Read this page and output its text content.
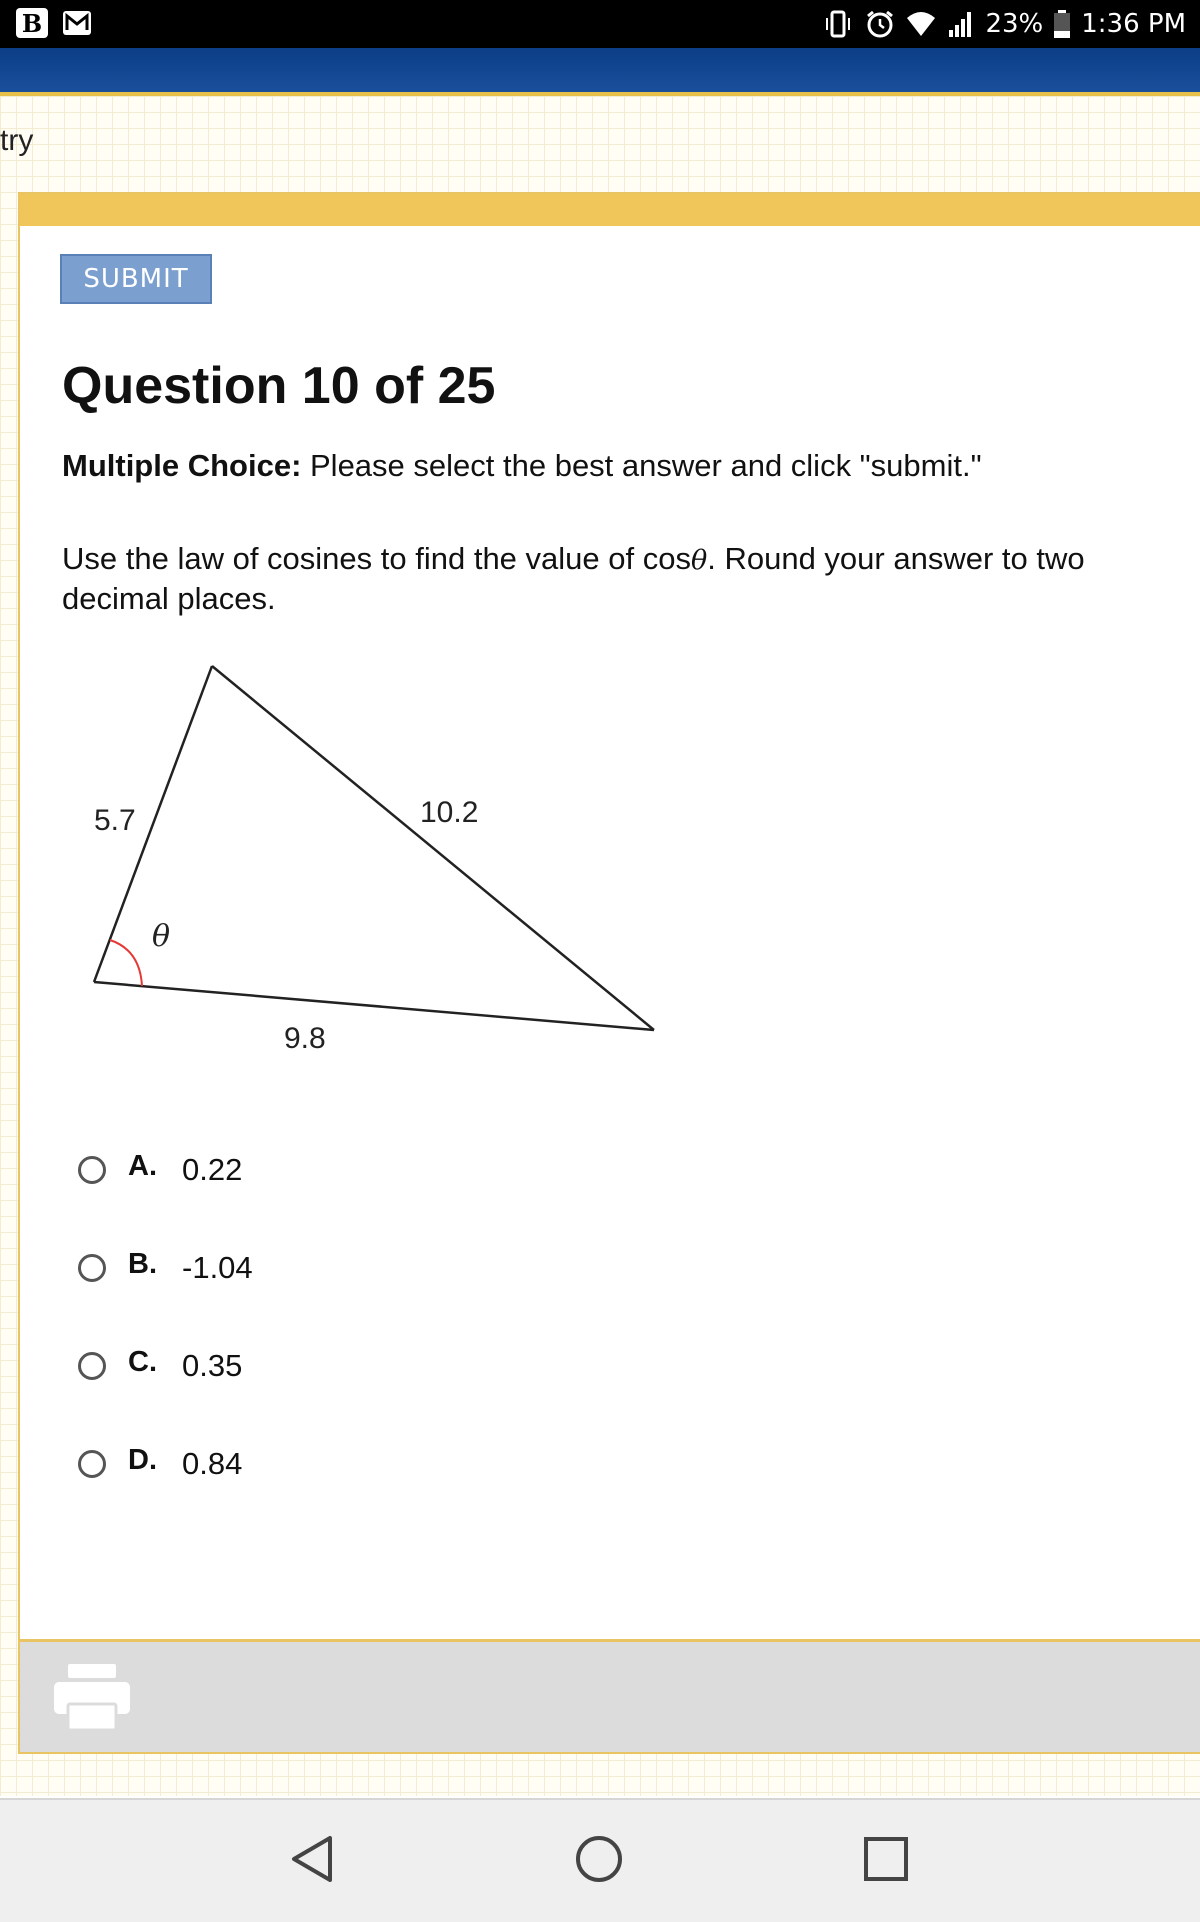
B	23% 1:36 PM
try
SUBMIT
Question 10 of 25
Multiple Choice: Please select the best answer and click "submit."
Use the law of cosines to find the value of cosθ. Round your answer to two decimal places.
5.7	10.2
9.8
θ
A. 0.22
B. -1.04
C. 0.35
D. 0.84
